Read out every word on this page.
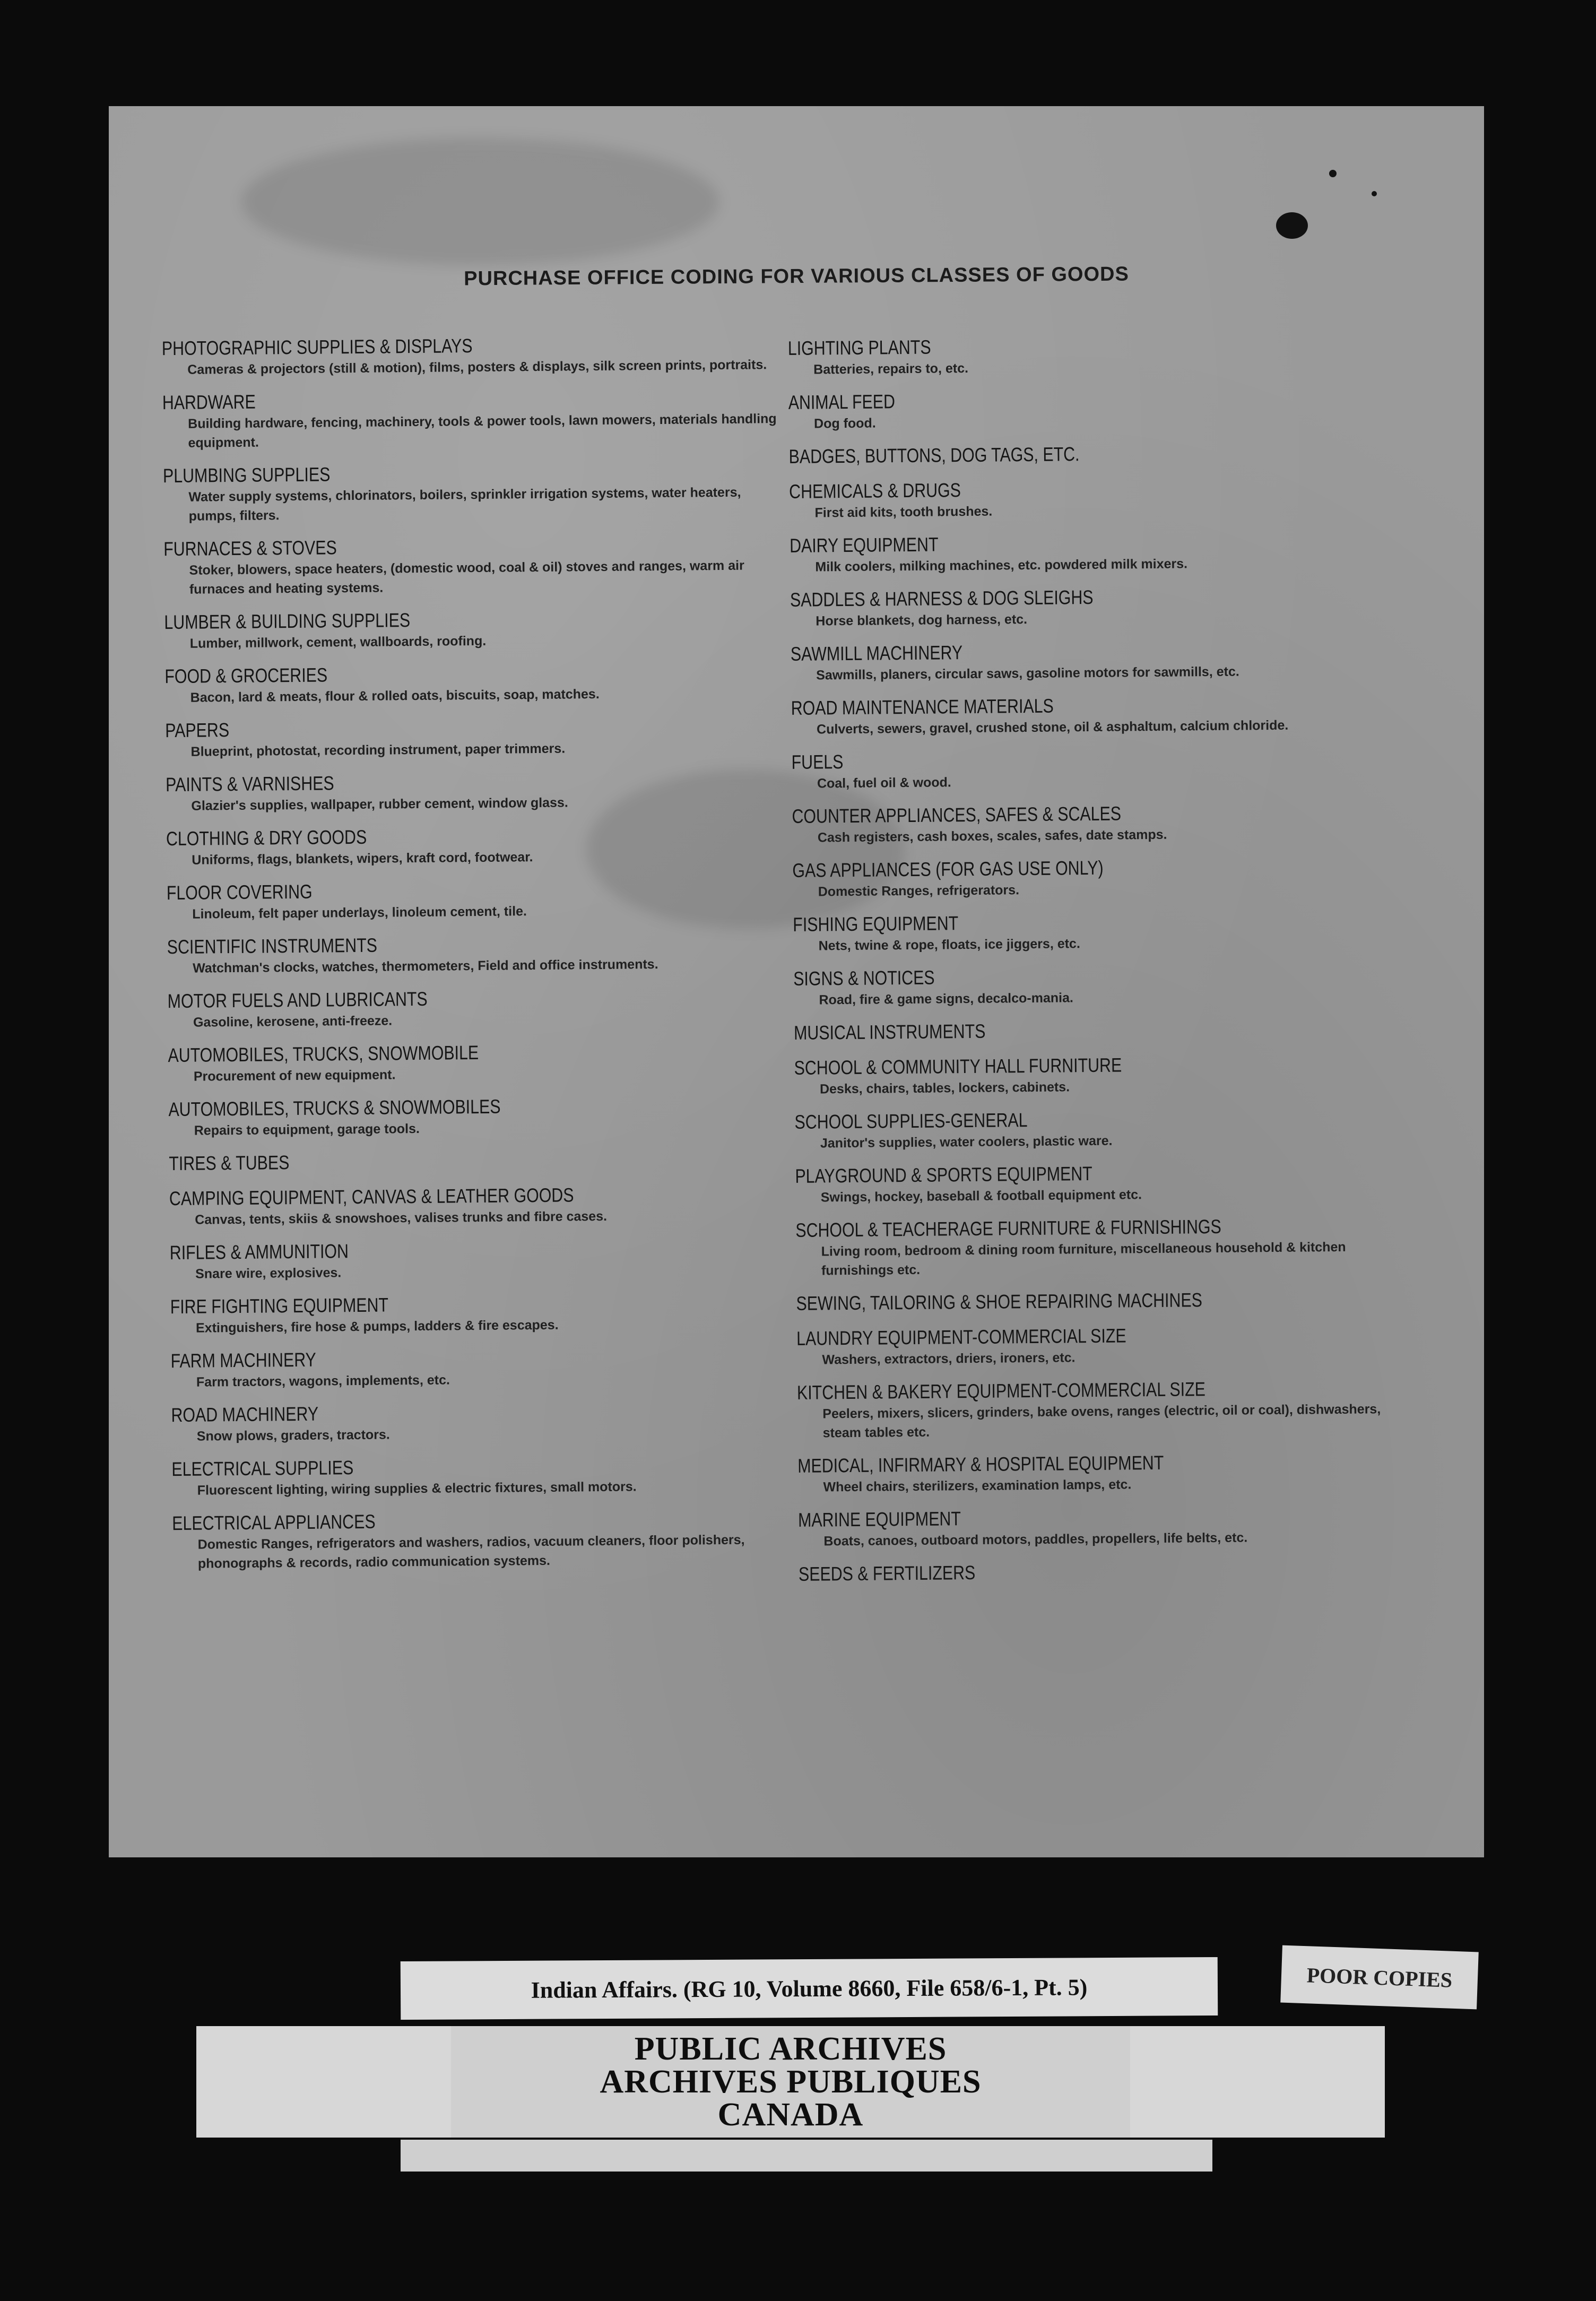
PURCHASE OFFICE CODING FOR VARIOUS CLASSES OF GOODS
PHOTOGRAPHIC SUPPLIES & DISPLAYS
Cameras & projectors (still & motion), films, posters & displays, silk screen prints, portraits.
HARDWARE
Building hardware, fencing, machinery, tools & power tools, lawn mowers, materials handling equipment.
PLUMBING SUPPLIES
Water supply systems, chlorinators, boilers, sprinkler irrigation systems, water heaters, pumps, filters.
FURNACES & STOVES
Stoker, blowers, space heaters, (domestic wood, coal & oil) stoves and ranges, warm air furnaces and heating systems.
LUMBER & BUILDING SUPPLIES
Lumber, millwork, cement, wallboards, roofing.
FOOD & GROCERIES
Bacon, lard & meats, flour & rolled oats, biscuits, soap, matches.
PAPERS
Blueprint, photostat, recording instrument, paper trimmers.
PAINTS & VARNISHES
Glazier's supplies, wallpaper, rubber cement, window glass.
CLOTHING & DRY GOODS
Uniforms, flags, blankets, wipers, kraft cord, footwear.
FLOOR COVERING
Linoleum, felt paper underlays, linoleum cement, tile.
SCIENTIFIC INSTRUMENTS
Watchman's clocks, watches, thermometers, Field and office instruments.
MOTOR FUELS AND LUBRICANTS
Gasoline, kerosene, anti-freeze.
AUTOMOBILES, TRUCKS, SNOWMOBILE
Procurement of new equipment.
AUTOMOBILES, TRUCKS & SNOWMOBILES
Repairs to equipment, garage tools.
TIRES & TUBES
CAMPING EQUIPMENT, CANVAS & LEATHER GOODS
Canvas, tents, skiis & snowshoes, valises trunks and fibre cases.
RIFLES & AMMUNITION
Snare wire, explosives.
FIRE FIGHTING EQUIPMENT
Extinguishers, fire hose & pumps, ladders & fire escapes.
FARM MACHINERY
Farm tractors, wagons, implements, etc.
ROAD MACHINERY
Snow plows, graders, tractors.
ELECTRICAL SUPPLIES
Fluorescent lighting, wiring supplies & electric fixtures, small motors.
ELECTRICAL APPLIANCES
Domestic Ranges, refrigerators and washers, radios, vacuum cleaners, floor polishers, phonographs & records, radio communication systems.
LIGHTING PLANTS
Batteries, repairs to, etc.
ANIMAL FEED
Dog food.
BADGES, BUTTONS, DOG TAGS, ETC.
CHEMICALS & DRUGS
First aid kits, tooth brushes.
DAIRY EQUIPMENT
Milk coolers, milking machines, etc. powdered milk mixers.
SADDLES & HARNESS & DOG SLEIGHS
Horse blankets, dog harness, etc.
SAWMILL MACHINERY
Sawmills, planers, circular saws, gasoline motors for sawmills, etc.
ROAD MAINTENANCE MATERIALS
Culverts, sewers, gravel, crushed stone, oil & asphaltum, calcium chloride.
FUELS
Coal, fuel oil & wood.
COUNTER APPLIANCES, SAFES & SCALES
Cash registers, cash boxes, scales, safes, date stamps.
GAS APPLIANCES (FOR GAS USE ONLY)
Domestic Ranges, refrigerators.
FISHING EQUIPMENT
Nets, twine & rope, floats, ice jiggers, etc.
SIGNS & NOTICES
Road, fire & game signs, decalco-mania.
MUSICAL INSTRUMENTS
SCHOOL & COMMUNITY HALL FURNITURE
Desks, chairs, tables, lockers, cabinets.
SCHOOL SUPPLIES-GENERAL
Janitor's supplies, water coolers, plastic ware.
PLAYGROUND & SPORTS EQUIPMENT
Swings, hockey, baseball & football equipment etc.
SCHOOL & TEACHERAGE FURNITURE & FURNISHINGS
Living room, bedroom & dining room furniture, miscellaneous household & kitchen furnishings etc.
SEWING, TAILORING & SHOE REPAIRING MACHINES
LAUNDRY EQUIPMENT-COMMERCIAL SIZE
Washers, extractors, driers, ironers, etc.
KITCHEN & BAKERY EQUIPMENT-COMMERCIAL SIZE
Peelers, mixers, slicers, grinders, bake ovens, ranges (electric, oil or coal), dishwashers, steam tables etc.
MEDICAL, INFIRMARY & HOSPITAL EQUIPMENT
Wheel chairs, sterilizers, examination lamps, etc.
MARINE EQUIPMENT
Boats, canoes, outboard motors, paddles, propellers, life belts, etc.
SEEDS & FERTILIZERS
Indian Affairs. (RG 10, Volume 8660, File 658/6-1, Pt. 5)	POOR COPIES
PUBLIC ARCHIVES
ARCHIVES PUBLIQUES
CANADA
